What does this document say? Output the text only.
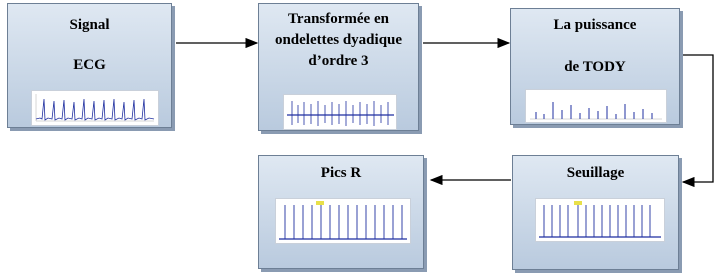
Signal
ECG
Transformée en
ondelettes dyadique
d’ordre 3
La puissance

de TODY
Seuillage
Pics R
